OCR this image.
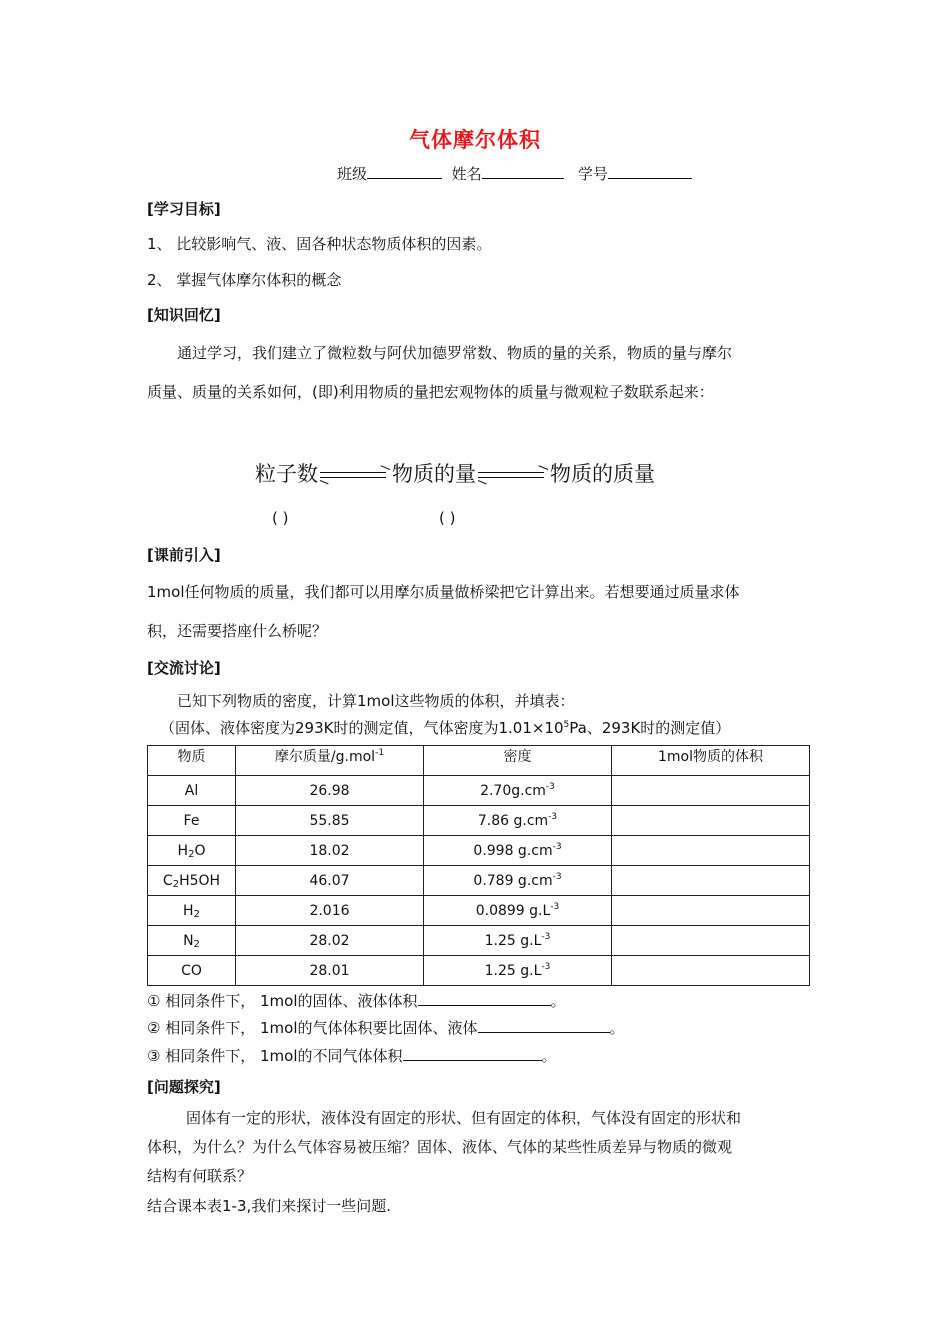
气体摩尔体积
班级	姓名	学号
[学习目标]
1、 比较影响气、液、固各种状态物质体积的因素。
2、 掌握气体摩尔体积的概念
[知识回忆]
通过学习，我们建立了微粒数与阿伏加德罗常数、物质的量的关系，物质的量与摩尔
质量、质量的关系如何，(即)利用物质的量把宏观物体的质量与微观粒子数联系起来：
粒子数	物质的量	物质的质量
( )	( )
[课前引入]
1mol任何物质的质量，我们都可以用摩尔质量做桥梁把它计算出来。若想要通过质量求体
积，还需要搭座什么桥呢？
[交流讨论]
已知下列物质的密度，计算1mol这些物质的体积，并填表：
（固体、液体密度为293K时的测定值，气体密度为$1.01\times 10^5Pa$、293K时的测定值）
物质	摩尔质量/g.mol$^{-1}$	密度	1mol物质的体积
Al	26.98	$2.70g.cm^{-3}$	
Fe	55.85	7.86 $g.cm^{-3}$	
$H_2O$	18.02	0.998 $g.cm^{-3}$	
$C_2H5OH$	46.07	0.789 $g.cm^{-3}$	
$H_2$	2.016	0.0899 $g.L^{-3}$	
$N_2$	28.02	1.25 $g.L^{-3}$	
CO	28.01	1.25 $g.L^{-3}$	
① 相同条件下， 1mol的固体、液体体积	。
② 相同条件下， 1mol的气体体积要比固体、液体	。
③ 相同条件下， 1mol的不同气体体积	。
[问题探究]
固体有一定的形状，液体没有固定的形状、但有固定的体积，气体没有固定的形状和
体积，为什么？为什么气体容易被压缩？固体、液体、气体的某些性质差异与物质的微观
结构有何联系？
结合课本表1-3,我们来探讨一些问题.
